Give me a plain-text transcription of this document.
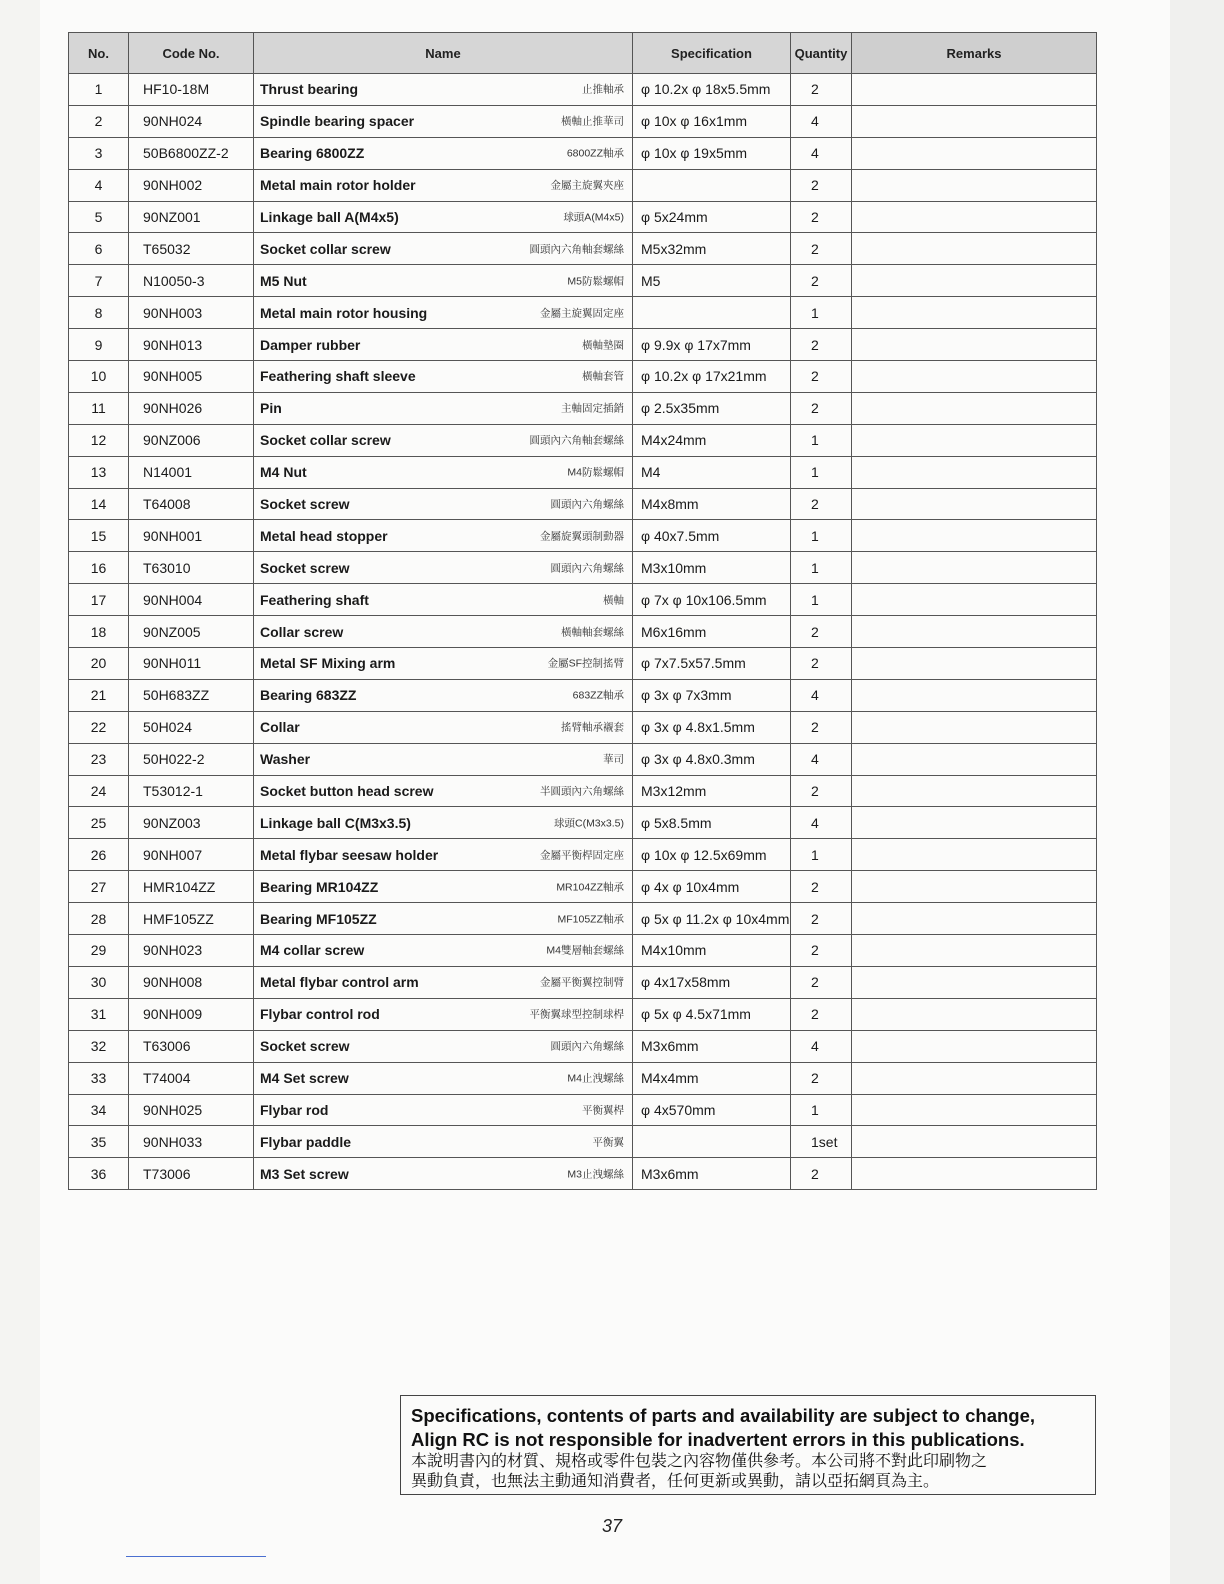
No.	Code No.	Name	Specification	Quantity	Remarks
1	HF10-18M	Thrust bearing 止推軸承	φ 10.2x φ 18x5.5mm	2	
2	90NH024	Spindle bearing spacer 橫軸止推華司	φ 10x φ 16x1mm	4	
3	50B6800ZZ-2	Bearing 6800ZZ 6800ZZ軸承	φ 10x φ 19x5mm	4	
4	90NH002	Metal main rotor holder 金屬主旋翼夾座		2	
5	90NZ001	Linkage ball A(M4x5) 球頭A(M4x5)	φ 5x24mm	2	
6	T65032	Socket collar screw 圓頭內六角軸套螺絲	M5x32mm	2	
7	N10050-3	M5 Nut M5防鬆螺帽	M5	2	
8	90NH003	Metal main rotor housing 金屬主旋翼固定座		1	
9	90NH013	Damper rubber 橫軸墊圈	φ 9.9x φ 17x7mm	2	
10	90NH005	Feathering shaft sleeve 橫軸套管	φ 10.2x φ 17x21mm	2	
11	90NH026	Pin 主軸固定插銷	φ 2.5x35mm	2	
12	90NZ006	Socket collar screw 圓頭內六角軸套螺絲	M4x24mm	1	
13	N14001	M4 Nut M4防鬆螺帽	M4	1	
14	T64008	Socket screw 圓頭內六角螺絲	M4x8mm	2	
15	90NH001	Metal head stopper 金屬旋翼頭制動器	φ 40x7.5mm	1	
16	T63010	Socket screw 圓頭內六角螺絲	M3x10mm	1	
17	90NH004	Feathering shaft 橫軸	φ 7x φ 10x106.5mm	1	
18	90NZ005	Collar screw 橫軸軸套螺絲	M6x16mm	2	
20	90NH011	Metal SF Mixing arm 金屬SF控制搖臂	φ 7x7.5x57.5mm	2	
21	50H683ZZ	Bearing 683ZZ 683ZZ軸承	φ 3x φ 7x3mm	4	
22	50H024	Collar 搖臂軸承襯套	φ 3x φ 4.8x1.5mm	2	
23	50H022-2	Washer 華司	φ 3x φ 4.8x0.3mm	4	
24	T53012-1	Socket button head screw 半圓頭內六角螺絲	M3x12mm	2	
25	90NZ003	Linkage ball C(M3x3.5) 球頭C(M3x3.5)	φ 5x8.5mm	4	
26	90NH007	Metal flybar seesaw holder 金屬平衡桿固定座	φ 10x φ 12.5x69mm	1	
27	HMR104ZZ	Bearing MR104ZZ MR104ZZ軸承	φ 4x φ 10x4mm	2	
28	HMF105ZZ	Bearing MF105ZZ MF105ZZ軸承	φ 5x φ 11.2x φ 10x4mm	2	
29	90NH023	M4 collar screw M4雙層軸套螺絲	M4x10mm	2	
30	90NH008	Metal flybar control arm 金屬平衡翼控制臂	φ 4x17x58mm	2	
31	90NH009	Flybar control rod 平衡翼球型控制球桿	φ 5x φ 4.5x71mm	2	
32	T63006	Socket screw 圓頭內六角螺絲	M3x6mm	4	
33	T74004	M4 Set screw M4止洩螺絲	M4x4mm	2	
34	90NH025	Flybar rod 平衡翼桿	φ 4x570mm	1	
35	90NH033	Flybar paddle 平衡翼		1set	
36	T73006	M3 Set screw M3止洩螺絲	M3x6mm	2	
Specifications, contents of parts and availability are subject to change,
Align RC is not responsible for inadvertent errors in this publications.
本說明書內的材質、規格或零件包裝之內容物僅供參考。本公司將不對此印刷物之
異動負責，也無法主動通知消費者，任何更新或異動，請以亞拓網頁為主。
37
